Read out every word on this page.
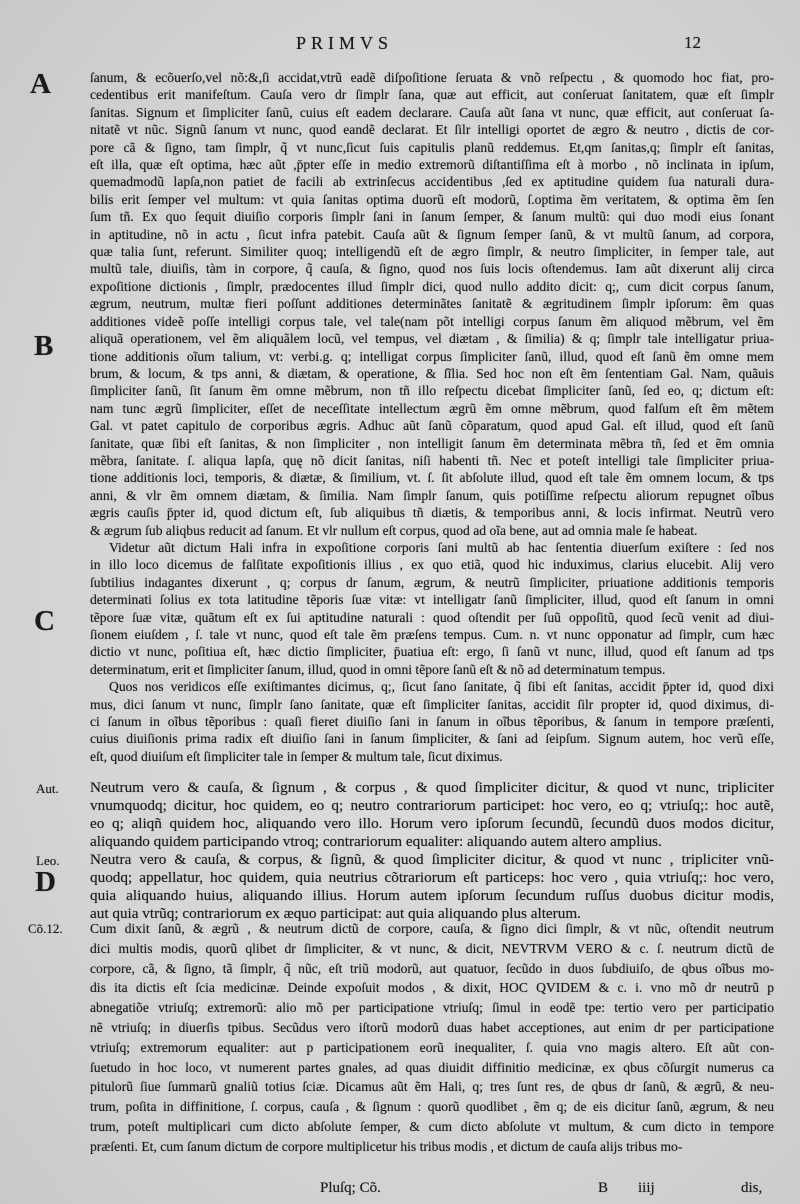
PRIMVS	12
A
B
C
D
Aut.
Leo.
Cõ.12.
ſanum, & ecõuerſo,vel nõ:&,ſi accidat,vtrũ eadẽ diſpoſitione ſeruata & vnõ reſpectu , & quomodo hoc fiat, pro-
cedentibus erit manifeſtum. Cauſa vero dr ſimplr ſana, quæ aut efficit, aut conſeruat ſanitatem, quæ eſt ſimplr
ſanitas. Signum et ſimpliciter ſanũ, cuius eſt eadem declarare. Cauſa aũt ſana vt nunc, quæ efficit, aut conſeruat ſa-
nitatẽ vt nũc. Signũ ſanum vt nunc, quod eandẽ declarat. Et ſilr intelligi oportet de ægro & neutro , dictis de cor-
pore cã & ſigno, tam ſimplr, q̃ vt nunc,ſicut ſuis capitulis planũ reddemus. Et,qm ſanitas,q; ſimplr eſt ſanitas,
eſt illa, quæ eſt optima, hæc aũt ,p̄pter eſſe in medio extremorũ diſtantiſſima eſt à morbo , nõ inclinata in ipſum,
quemadmodũ lapſa,non patiet de facili ab extrinſecus accidentibus ,ſed ex aptitudine quidem ſua naturali dura-
bilis erit ſemper vel multum: vt quia ſanitas optima duorũ eſt modorũ, ſ.optima ẽm veritatem, & optima ẽm ſen
ſum tñ. Ex quo ſequit diuiſio corporis ſimplr ſani in ſanum ſemper, & ſanum multũ: qui duo modi eius ſonant
in aptitudine, nõ in actu , ſicut infra patebit. Cauſa aũt & ſignum ſemper ſanũ, & vt multũ ſanum, ad corpora,
quæ talia ſunt, referunt. Similiter quoq; intelligendũ eſt de ægro ſimplr, & neutro ſimpliciter, in ſemper tale, aut
multũ tale, diuiſis, tàm in corpore, q̃ cauſa, & ſigno, quod nos ſuis locis oſtendemus. Iam aũt dixerunt alij circa
expoſitione dictionis , ſimplr, prædocentes illud ſimplr dici, quod nullo addito dicit: q;, cum dicit corpus ſanum,
ægrum, neutrum, multæ fieri poſſunt additiones determinãtes ſanitatẽ & ægritudinem ſimplr ipſorum: ẽm quas
additiones videẽ poſſe intelligi corpus tale, vel tale(nam põt intelligi corpus ſanum ẽm aliquod mẽbrum, vel ẽm
aliquã operationem, vel ẽm aliquãlem locũ, vel tempus, vel diætam , & ſimilia) & q; ſimplr tale intelligatur priua-
tione additionis oĩum talium, vt: verbi.g. q; intelligat corpus ſimpliciter ſanũ, illud, quod eſt ſanũ ẽm omne mem
brum, & locum, & tps anni, & diætam, & operatione, & ſĩlia. Sed hoc non eſt ẽm ſententiam Gal. Nam, quãuis
ſimpliciter ſanũ, ſit ſanum ẽm omne mẽbrum, non tñ illo reſpectu dicebat ſimpliciter ſanũ, ſed eo, q; dictum eſt:
nam tunc ægrũ ſimpliciter, eſſet de neceſſitate intellectum ægrũ ẽm omne mẽbrum, quod falſum eſt ẽm mẽtem
Gal. vt patet capitulo de corporibus ægris. Adhuc aũt ſanũ cõparatum, quod apud Gal. eſt illud, quod eſt ſanũ
ſanitate, quæ ſibi eſt ſanitas, & non ſimpliciter , non intelligit ſanum ẽm determinata mẽbra tñ, ſed et ẽm omnia
mẽbra, ſanitate. ſ. aliqua lapſa, quę nõ dicit ſanitas, niſi habenti tñ. Nec et poteſt intelligi tale ſimpliciter priua-
tione additionis loci, temporis, & diætæ, & ſimilium, vt. ſ. ſit abſolute illud, quod eſt tale ẽm omnem locum, & tps
anni, & vlr ẽm omnem diætam, & ſimilia. Nam ſimplr ſanum, quis potiſſime reſpectu aliorum repugnet oĩbus
ægris cauſis p̄pter id, quod dictum eſt, ſub aliquibus tñ diætis, & temporibus anni, & locis infirmat. Neutrũ vero
& ægrum ſub aliqbus reducit ad ſanum. Et vlr nullum eſt corpus, quod ad oĩa bene, aut ad omnia male ſe habeat.
Videtur aũt dictum Hali infra in expoſitione corporis ſani multũ ab hac ſententia diuerſum exiſtere : ſed nos
in illo loco dicemus de falſitate expoſitionis illius , ex quo etiã, quod hic induximus, clarius elucebit. Alij vero
ſubtilius indagantes dixerunt , q; corpus dr ſanum, ægrum, & neutrũ ſimpliciter, priuatione additionis temporis
determinati ſolius ex tota latitudine tẽporis ſuæ vitæ: vt intelligatr ſanũ ſimpliciter, illud, quod eſt ſanum in omni
tẽpore ſuæ vitæ, quãtum eſt ex ſui aptitudine naturali : quod oſtendit per ſuũ oppoſitũ, quod ſecũ venit ad diui-
ſionem eiuſdem , ſ. tale vt nunc, quod eſt tale ẽm præſens tempus. Cum. n. vt nunc opponatur ad ſimplr, cum hæc
dictio vt nunc, poſitiua eſt, hæc dictio ſimpliciter, p̄uatiua eſt: ergo, ſi ſanũ vt nunc, illud, quod eſt ſanum ad tps
determinatum, erit et ſimpliciter ſanum, illud, quod in omni tẽpore ſanũ eſt & nõ ad determinatum tempus.
Quos nos veridicos eſſe exiſtimantes dicimus, q;, ſicut ſano ſanitate, q̃ ſibi eſt ſanitas, accidit p̄pter id, quod dixi
mus, dici ſanum vt nunc, ſimplr ſano ſanitate, quæ eſt ſimpliciter ſanitas, accidit ſilr propter id, quod diximus, di-
ci ſanum in oĩbus tẽporibus : quaſi fieret diuiſio ſani in ſanum in oĩbus tẽporibus, & ſanum in tempore præſenti,
cuius diuiſionis prima radix eſt diuiſio ſani in ſanum ſimpliciter, & ſani ad ſeipſum. Signum autem, hoc verũ eſſe,
eſt, quod diuiſum eſt ſimpliciter tale in ſemper & multum tale, ſicut diximus.
Neutrum vero & cauſa, & ſignum , & corpus , & quod ſimpliciter dicitur, & quod vt nunc, tripliciter
vnumquodq; dicitur, hoc quidem, eo q; neutro contrariorum participet: hoc vero, eo q; vtriuſq;: hoc autẽ,
eo q; aliqñ quidem hoc, aliquando vero illo. Horum vero ipſorum ſecundũ, ſecundũ duos modos dicitur,
aliquando quidem participando vtroq; contrariorum equaliter: aliquando autem altero amplius.
Neutra vero & cauſa, & corpus, & ſignũ, & quod ſimpliciter dicitur, & quod vt nunc , tripliciter vnũ-
quodq; appellatur, hoc quidem, quia neutrius cõtrariorum eſt particeps: hoc vero , quia vtriuſq;: hoc vero,
quia aliquando huius, aliquando illius. Horum autem ipſorum ſecundum ruſſus duobus dicitur modis,
aut quia vtrũq; contrariorum ex æquo participat: aut quia aliquando plus alterum.
Cum dixit ſanũ, & ægrũ , & neutrum dictũ de corpore, cauſa, & ſigno dici ſimplr, & vt nũc, oſtendit neutrum
dici multis modis, quorũ qlibet dr ſimpliciter, & vt nunc, & dicit, NEVTRVM VERO & c. ſ. neutrum dictũ de
corpore, cã, & ſigno, tã ſimplr, q̃ nũc, eſt triũ modorũ, aut quatuor, ſecũdo in duos ſubdiuiſo, de qbus oĩbus mo-
dis ita dictis eſt ſcia medicinæ. Deinde expoſuit modos , & dixit, HOC QVIDEM & c. i. vno mõ dr neutrũ p
abnegatiõe vtriuſq; extremorũ: alio mõ per participatione vtriuſq; ſimul in eodẽ tpe: tertio vero per participatio
nẽ vtriuſq; in diuerſis tpibus. Secũdus vero iſtorũ modorũ duas habet acceptiones, aut enim dr per participatione
vtriuſq; extremorum equaliter: aut p participationem eorũ inequaliter, ſ. quia vno magis altero. Eſt aũt con-
ſuetudo in hoc loco, vt numerent partes gnales, ad quas diuidit diffinitio medicinæ, ex qbus cõſurgit numerus ca
pitulorũ ſiue ſummarũ gnaliũ totius ſciæ. Dicamus aũt ẽm Hali, q; tres ſunt res, de qbus dr ſanũ, & ægrũ, & neu-
trum, poſita in diffinitione, ſ. corpus, cauſa , & ſignum : quorũ quodlibet , ẽm q; de eis dicitur ſanũ, ægrum, & neu
trum, poteſt multiplicari cum dicto abſolute ſemper, & cum dicto abſolute vt multum, & cum dicto in tempore
præſenti. Et, cum ſanum dictum de corpore multiplicetur his tribus modis , et dictum de cauſa alijs tribus mo-
Pluſq; Cõ.	B iiij	dis,
